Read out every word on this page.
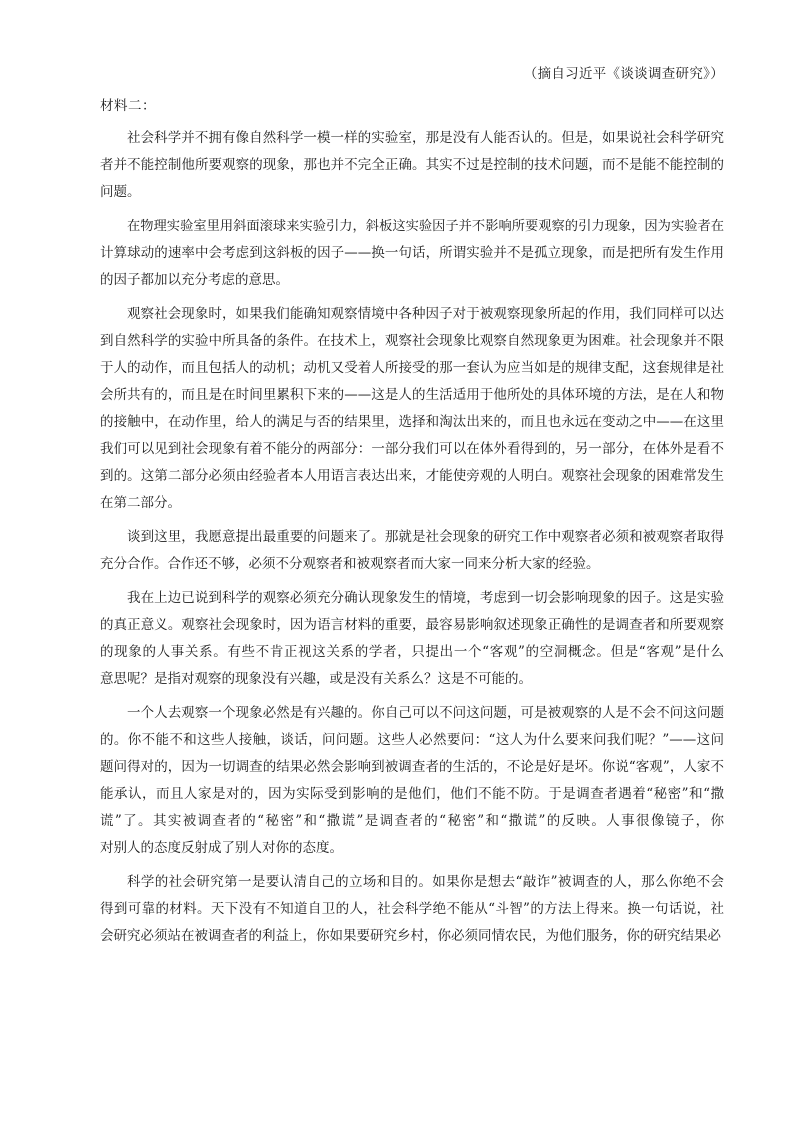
（摘自习近平《谈谈调查研究》）
材料二：
社会科学并不拥有像自然科学一模一样的实验室，那是没有人能否认的。但是，如果说社会科学研究
者并不能控制他所要观察的现象，那也并不完全正确。其实不过是控制的技术问题，而不是能不能控制的
问题。
在物理实验室里用斜面滚球来实验引力，斜板这实验因子并不影响所要观察的引力现象，因为实验者在
计算球动的速率中会考虑到这斜板的因子——换一句话，所谓实验并不是孤立现象，而是把所有发生作用
的因子都加以充分考虑的意思。
观察社会现象时，如果我们能确知观察情境中各种因子对于被观察现象所起的作用，我们同样可以达
到自然科学的实验中所具备的条件。在技术上，观察社会现象比观察自然现象更为困难。社会现象并不限
于人的动作，而且包括人的动机；动机又受着人所接受的那一套认为应当如是的规律支配，这套规律是社
会所共有的，而且是在时间里累积下来的——这是人的生活适用于他所处的具体环境的方法，是在人和物
的接触中，在动作里，给人的满足与否的结果里，选择和淘汰出来的，而且也永远在变动之中——在这里
我们可以见到社会现象有着不能分的两部分：一部分我们可以在体外看得到的，另一部分，在体外是看不
到的。这第二部分必须由经验者本人用语言表达出来，才能使旁观的人明白。观察社会现象的困难常发生
在第二部分。
谈到这里，我愿意提出最重要的问题来了。那就是社会现象的研究工作中观察者必须和被观察者取得
充分合作。合作还不够，必须不分观察者和被观察者而大家一同来分析大家的经验。
我在上边已说到科学的观察必须充分确认现象发生的情境，考虑到一切会影响现象的因子。这是实验
的真正意义。观察社会现象时，因为语言材料的重要，最容易影响叙述现象正确性的是调查者和所要观察
的现象的人事关系。有些不肯正视这关系的学者，只提出一个“客观”的空洞概念。但是“客观”是什么
意思呢？是指对观察的现象没有兴趣，或是没有关系么？这是不可能的。
一个人去观察一个现象必然是有兴趣的。你自己可以不问这问题，可是被观察的人是不会不问这问题
的。你不能不和这些人接触，谈话，问问题。这些人必然要问：“这人为什么要来问我们呢？”——这问
题问得对的，因为一切调查的结果必然会影响到被调查者的生活的，不论是好是坏。你说“客观”，人家不
能承认，而且人家是对的，因为实际受到影响的是他们，他们不能不防。于是调查者遇着“秘密”和“撒
谎”了。其实被调查者的“秘密”和“撒谎”是调查者的“秘密”和“撒谎”的反映。人事很像镜子，你
对别人的态度反射成了别人对你的态度。
科学的社会研究第一是要认清自己的立场和目的。如果你是想去“敲诈”被调查的人，那么你绝不会
得到可靠的材料。天下没有不知道自卫的人，社会科学绝不能从“斗智”的方法上得来。换一句话说，社
会研究必须站在被调查者的利益上，你如果要研究乡村，你必须同情农民，为他们服务，你的研究结果必
